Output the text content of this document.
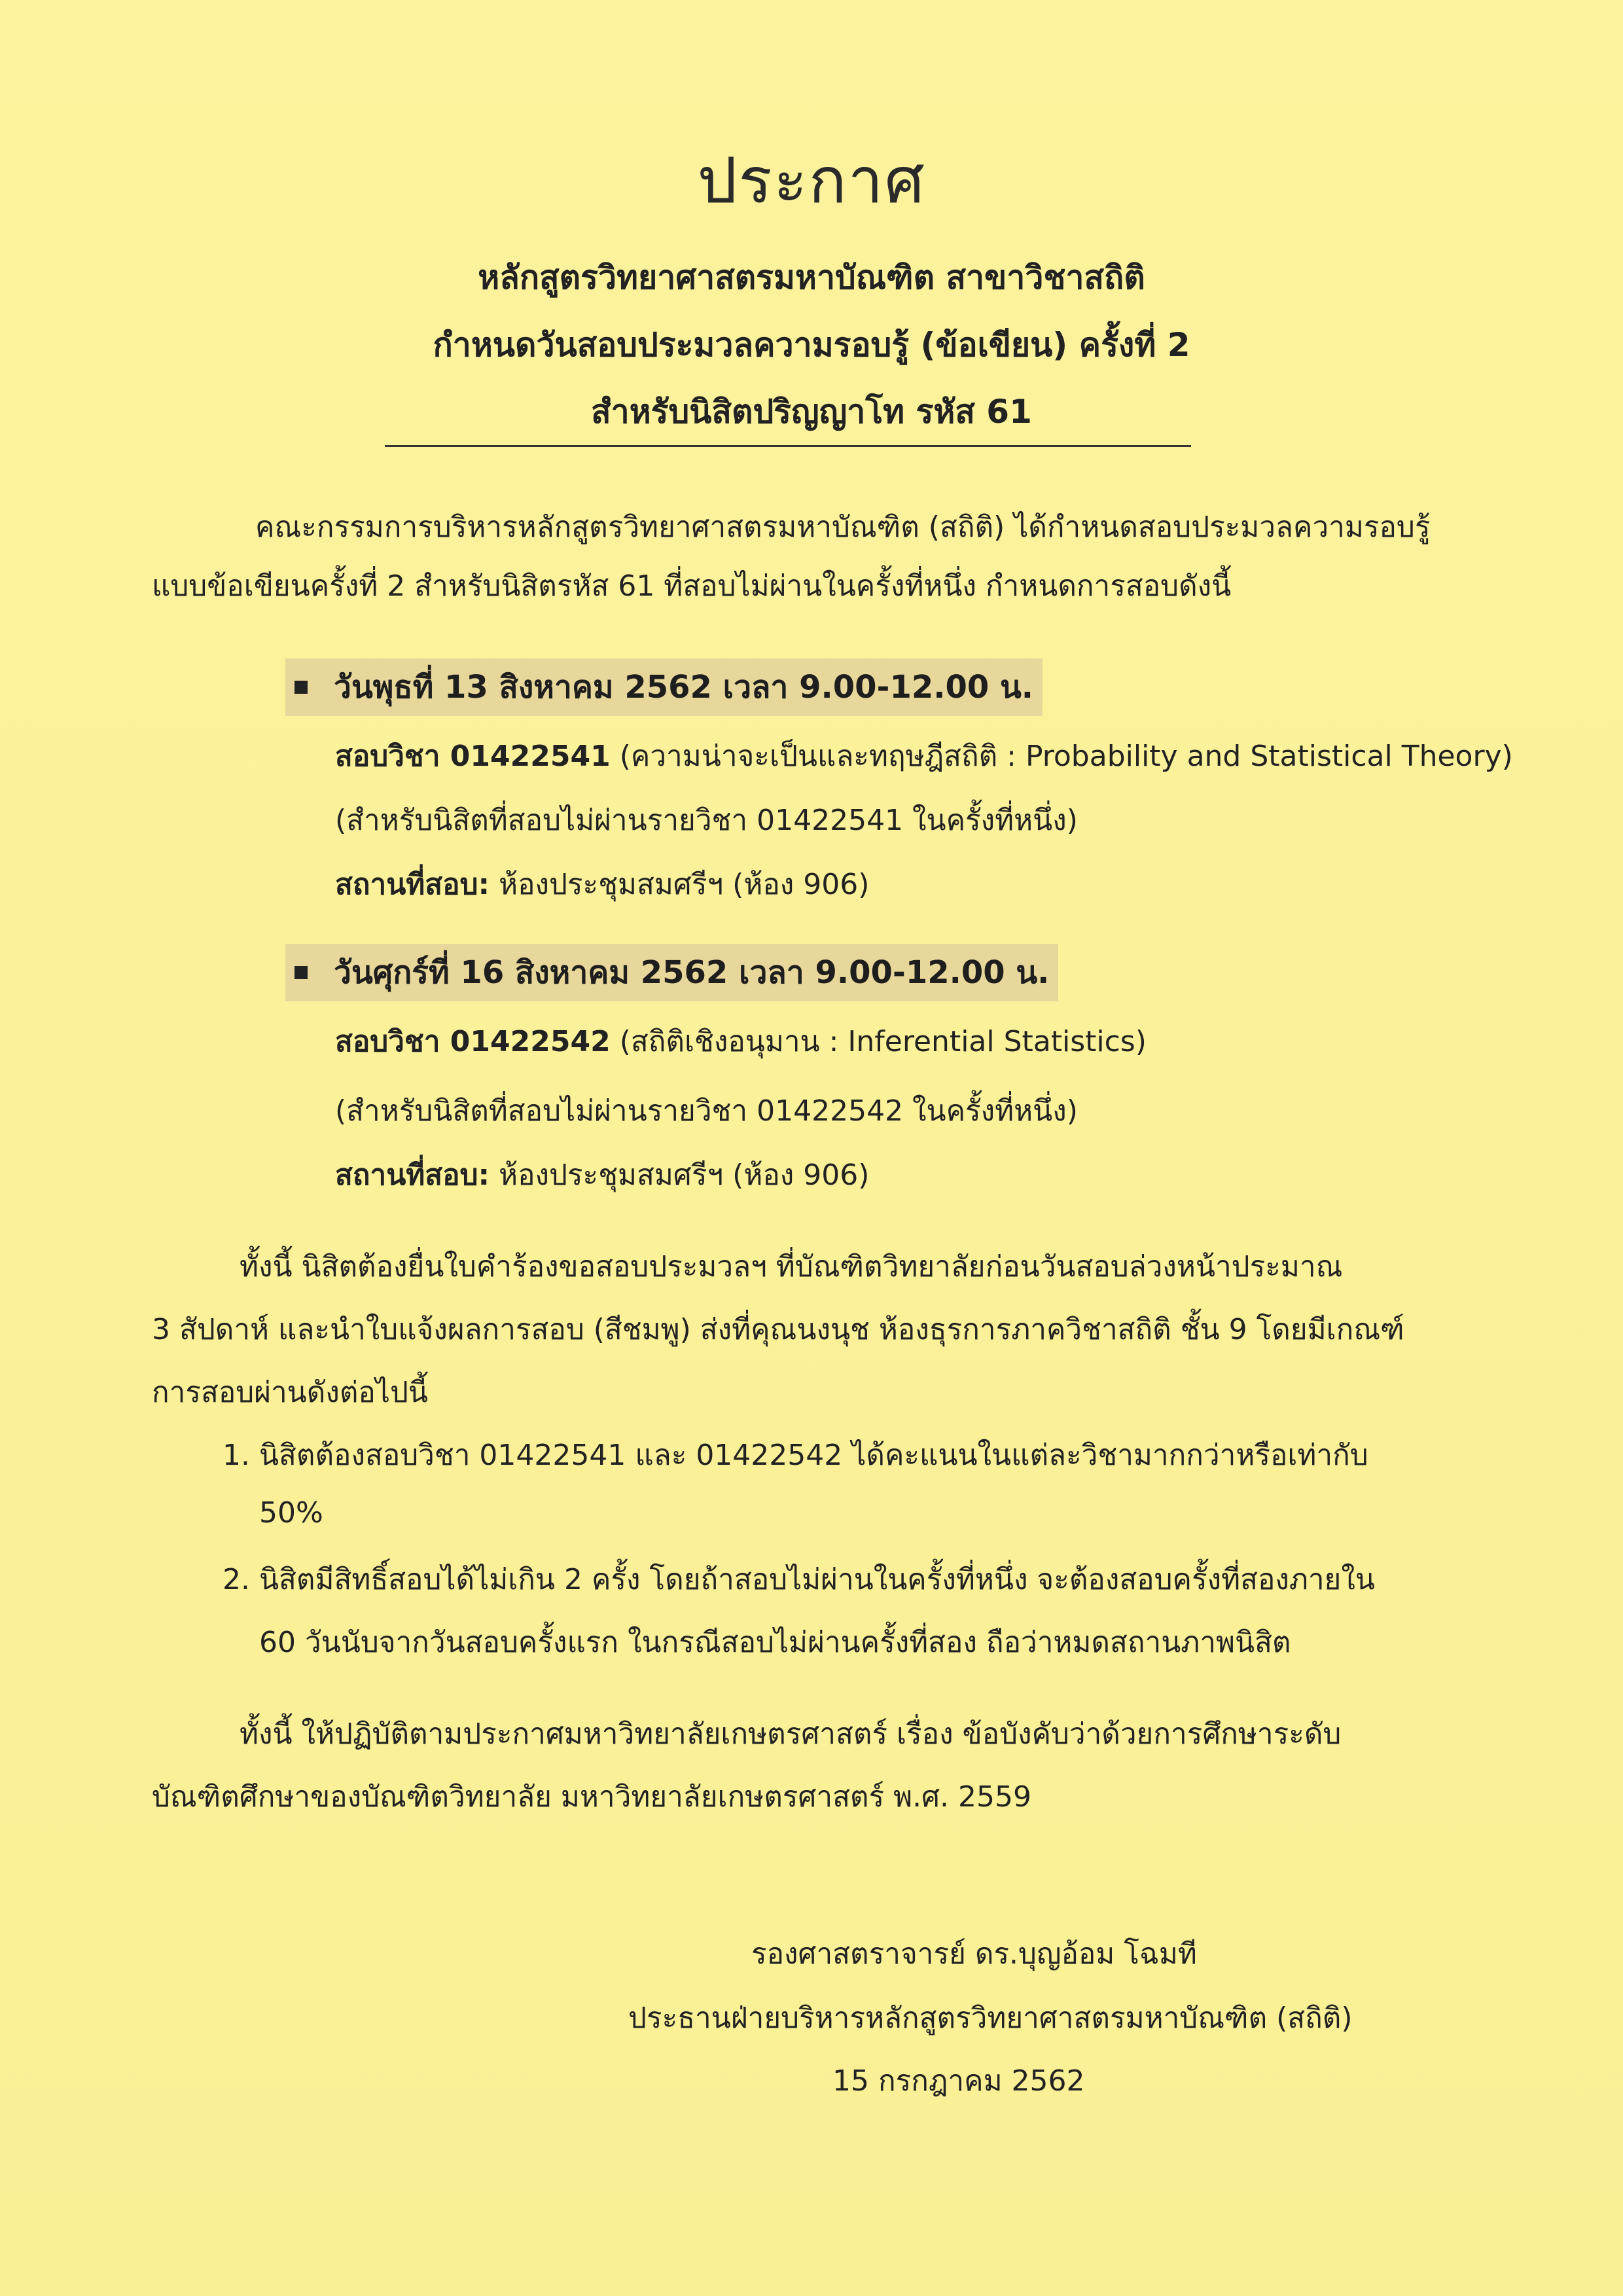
ประกาศ
หลักสูตรวิทยาศาสตรมหาบัณฑิต สาขาวิชาสถิติ
กำหนดวันสอบประมวลความรอบรู้ (ข้อเขียน) ครั้งที่ 2
สำหรับนิสิตปริญญาโท รหัส 61
คณะกรรมการบริหารหลักสูตรวิทยาศาสตรมหาบัณฑิต (สถิติ) ได้กำหนดสอบประมวลความรอบรู้
แบบข้อเขียนครั้งที่ 2 สำหรับนิสิตรหัส 61 ที่สอบไม่ผ่านในครั้งที่หนึ่ง กำหนดการสอบดังนี้
วันพุธที่ 13 สิงหาคม 2562 เวลา 9.00-12.00 น.
สอบวิชา 01422541 (ความน่าจะเป็นและทฤษฎีสถิติ : Probability and Statistical Theory)
(สำหรับนิสิตที่สอบไม่ผ่านรายวิชา 01422541 ในครั้งที่หนึ่ง)
สถานที่สอบ: ห้องประชุมสมศรีฯ (ห้อง 906)
วันศุกร์ที่ 16 สิงหาคม 2562 เวลา 9.00-12.00 น.
สอบวิชา 01422542 (สถิติเชิงอนุมาน : Inferential Statistics)
(สำหรับนิสิตที่สอบไม่ผ่านรายวิชา 01422542 ในครั้งที่หนึ่ง)
สถานที่สอบ: ห้องประชุมสมศรีฯ (ห้อง 906)
ทั้งนี้ นิสิตต้องยื่นใบคำร้องขอสอบประมวลฯ ที่บัณฑิตวิทยาลัยก่อนวันสอบล่วงหน้าประมาณ
3 สัปดาห์ และนำใบแจ้งผลการสอบ (สีชมพู) ส่งที่คุณนงนุช ห้องธุรการภาควิชาสถิติ ชั้น 9 โดยมีเกณฑ์
การสอบผ่านดังต่อไปนี้
1. นิสิตต้องสอบวิชา 01422541 และ 01422542 ได้คะแนนในแต่ละวิชามากกว่าหรือเท่ากับ
50%
2. นิสิตมีสิทธิ์สอบได้ไม่เกิน 2 ครั้ง โดยถ้าสอบไม่ผ่านในครั้งที่หนึ่ง จะต้องสอบครั้งที่สองภายใน
60 วันนับจากวันสอบครั้งแรก ในกรณีสอบไม่ผ่านครั้งที่สอง ถือว่าหมดสถานภาพนิสิต
ทั้งนี้ ให้ปฏิบัติตามประกาศมหาวิทยาลัยเกษตรศาสตร์ เรื่อง ข้อบังคับว่าด้วยการศึกษาระดับ
บัณฑิตศึกษาของบัณฑิตวิทยาลัย มหาวิทยาลัยเกษตรศาสตร์ พ.ศ. 2559
รองศาสตราจารย์ ดร.บุญอ้อม โฉมที
ประธานฝ่ายบริหารหลักสูตรวิทยาศาสตรมหาบัณฑิต (สถิติ)
15 กรกฎาคม 2562
